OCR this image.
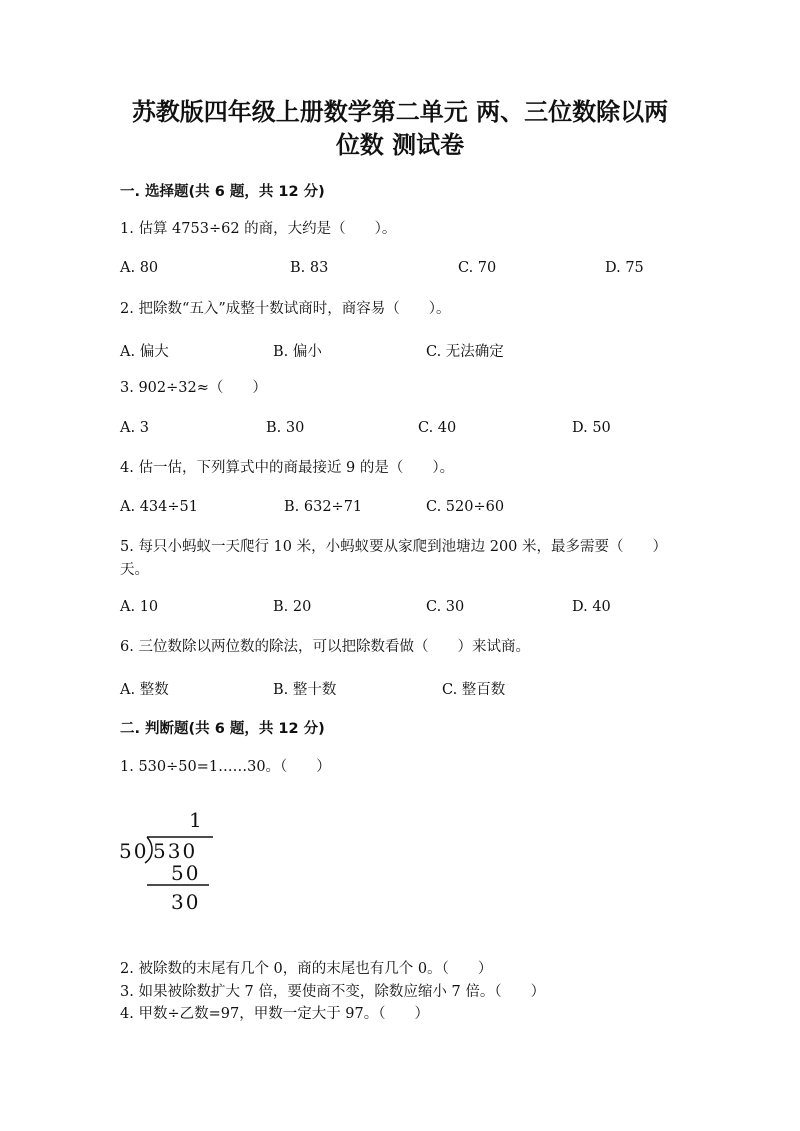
苏教版四年级上册数学第二单元 两、三位数除以两
位数 测试卷
一. 选择题(共 6 题，共 12 分)

1. 估算 4753÷62 的商，大约是（　　）。

A. 80	B. 83	C. 70	D. 75

2. 把除数“五入”成整十数试商时，商容易（　　）。

A. 偏大	B. 偏小	C. 无法确定

3. 902÷32≈（　　）

A. 3	B. 30	C. 40	D. 50

4. 估一估，下列算式中的商最接近 9 的是（　　）。

A. 434÷51	B. 632÷71	C. 520÷60

5. 每只小蚂蚁一天爬行 10 米，小蚂蚁要从家爬到池塘边 200 米，最多需要（　　）天。

A. 10	B. 20	C. 30	D. 40

6. 三位数除以两位数的除法，可以把除数看做（　　）来试商。

A. 整数	B. 整十数	C. 整百数
二. 判断题(共 6 题，共 12 分)

1. 530÷50=1……30。（　　）

1
50 530
50
30

2. 被除数的末尾有几个 0，商的末尾也有几个 0。（　　）

3. 如果被除数扩大 7 倍，要使商不变，除数应缩小 7 倍。（　　）

4. 甲数÷乙数=97，甲数一定大于 97。（　　）
